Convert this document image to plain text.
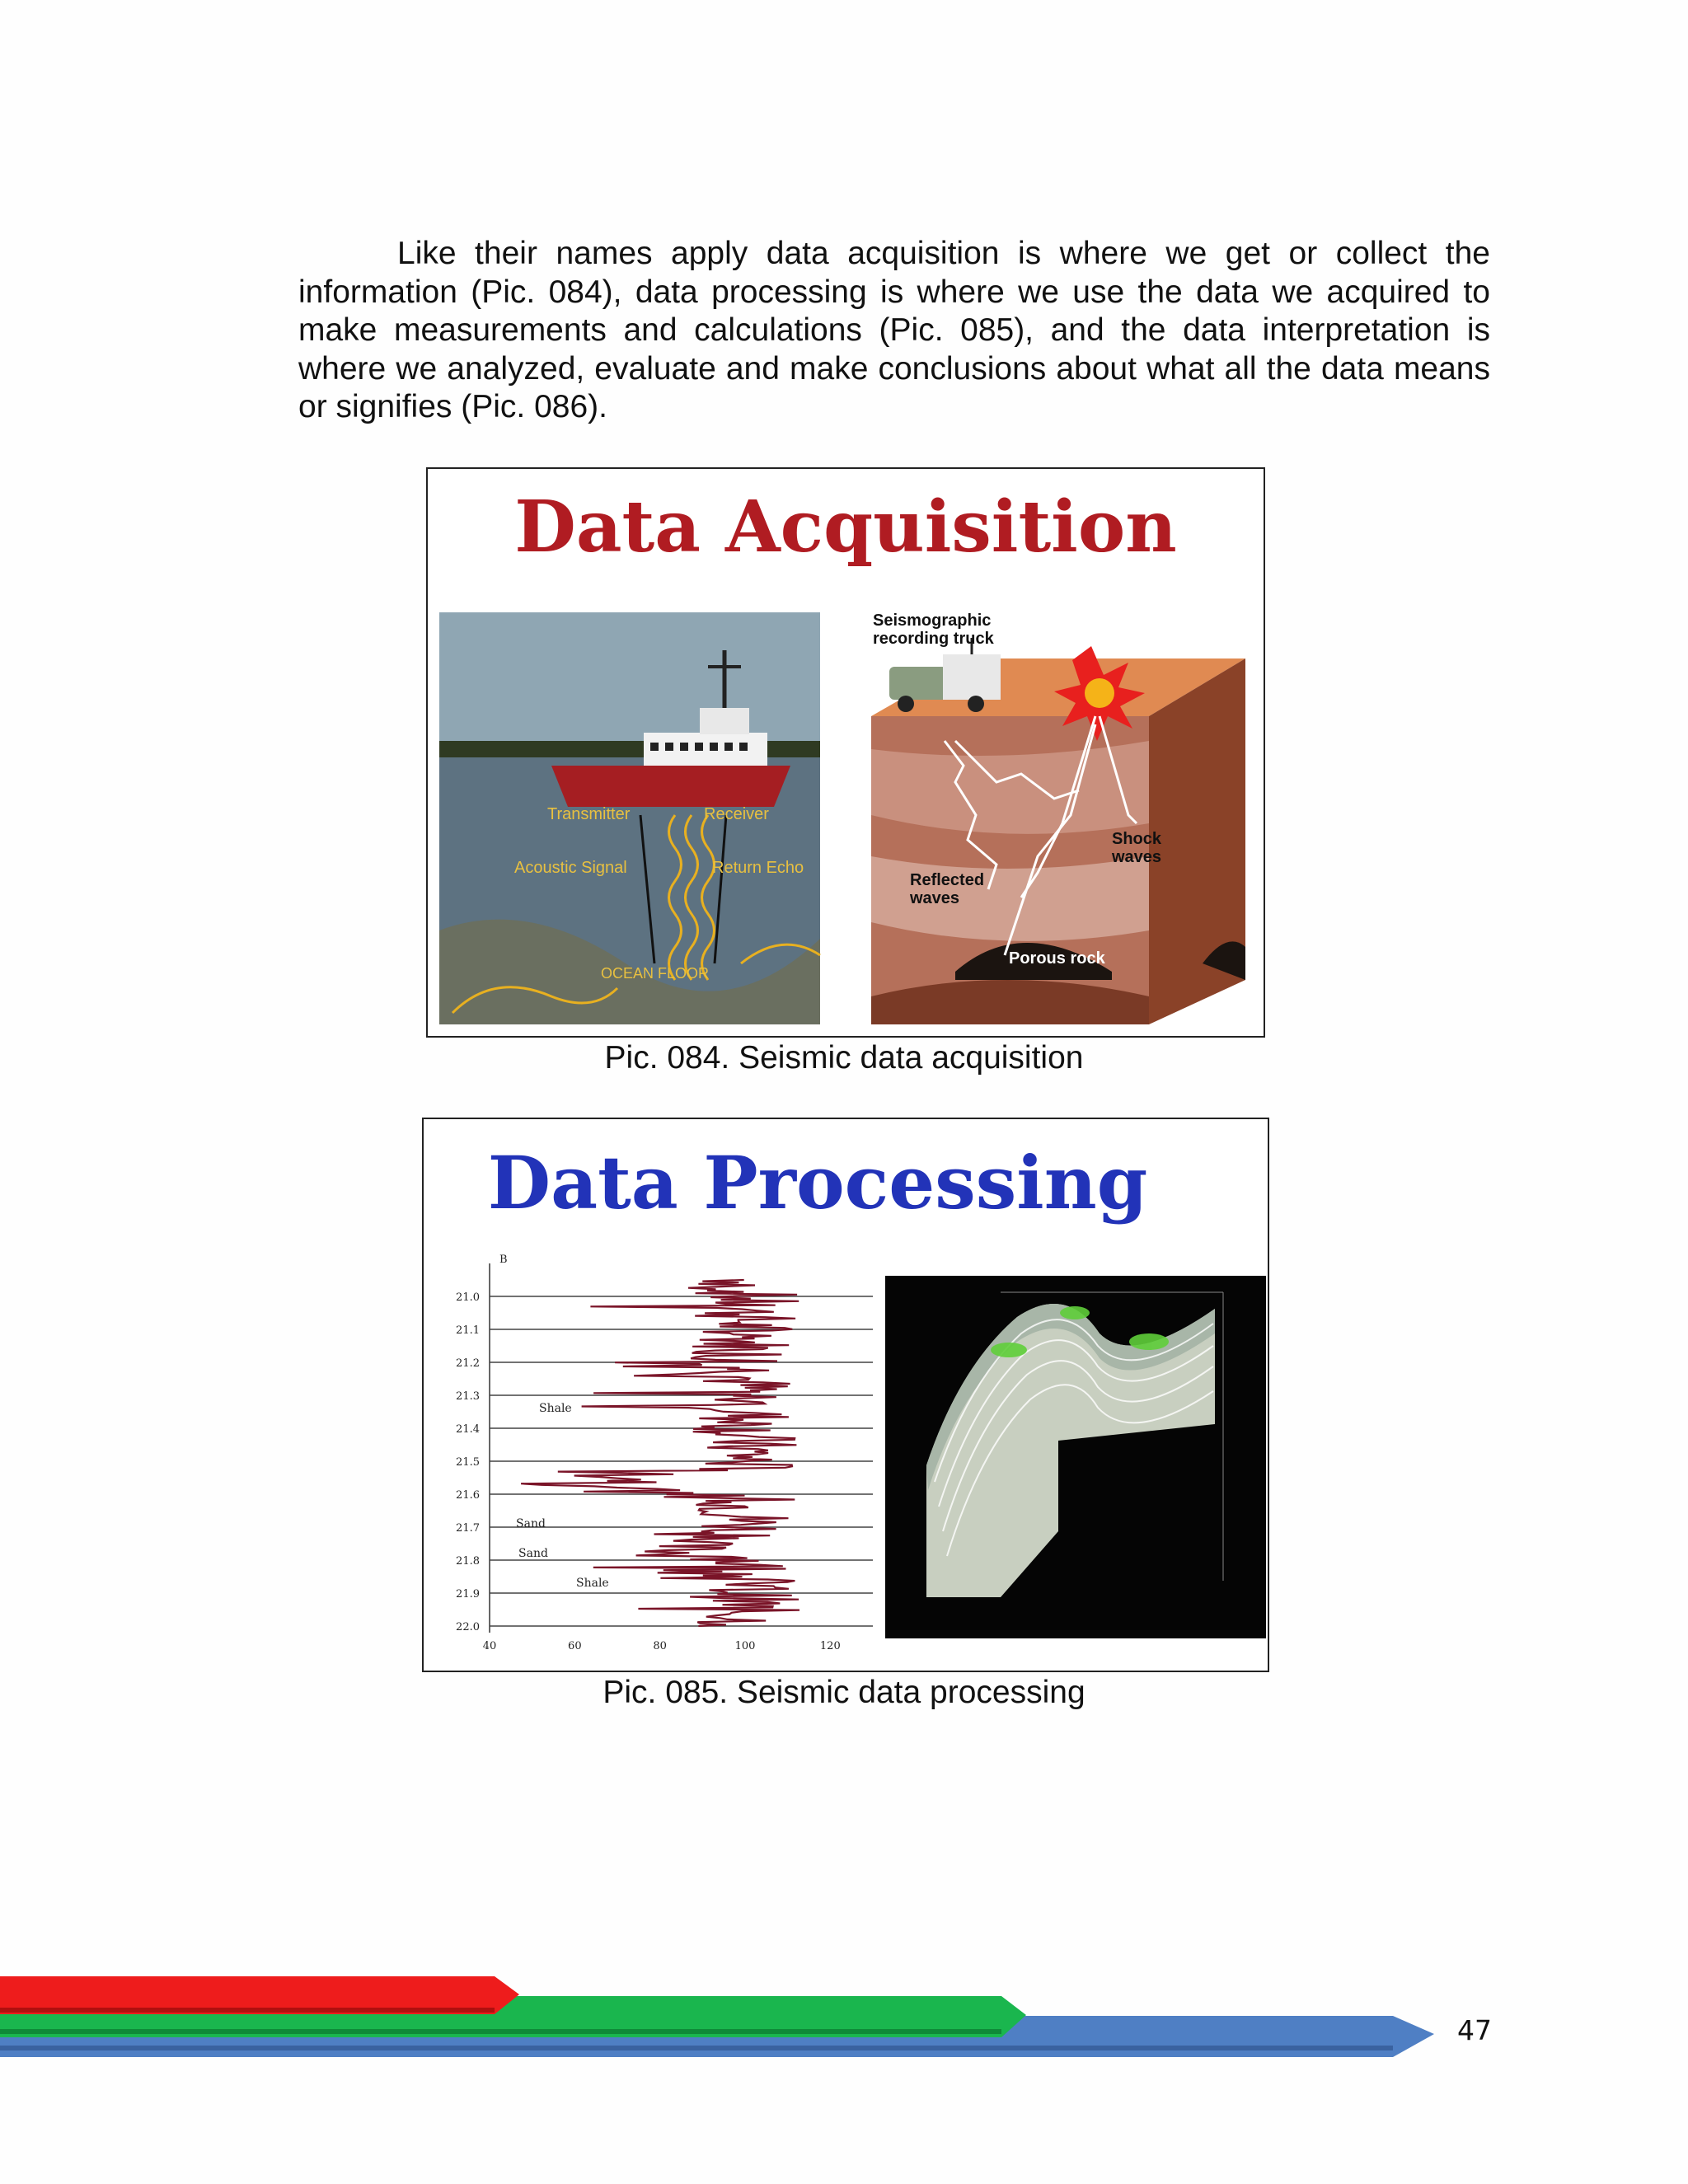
Like their names apply data acquisition is where we get or collect the information (Pic. 084), data processing is where we use the data we acquired to make measurements and calculations (Pic. 085), and the data interpretation is where we analyzed, evaluate and make conclusions about what all the data means or signifies (Pic. 086).
Data Acquisition
Transmitter	Receiver
Acoustic Signal	Return Echo
OCEAN FLOOR
Seismographic
recording truck
Shock
waves
Reflected
waves
Porous rock
Pic. 084. Seismic data acquisition
Data Processing
B
21.0
21.1
21.2
21.3
21.4
21.5
21.6
21.7
21.8
21.9
22.0
40	60	80	100	120
Shale
Sand
Sand
Shale
Pic. 085. Seismic data processing
47
